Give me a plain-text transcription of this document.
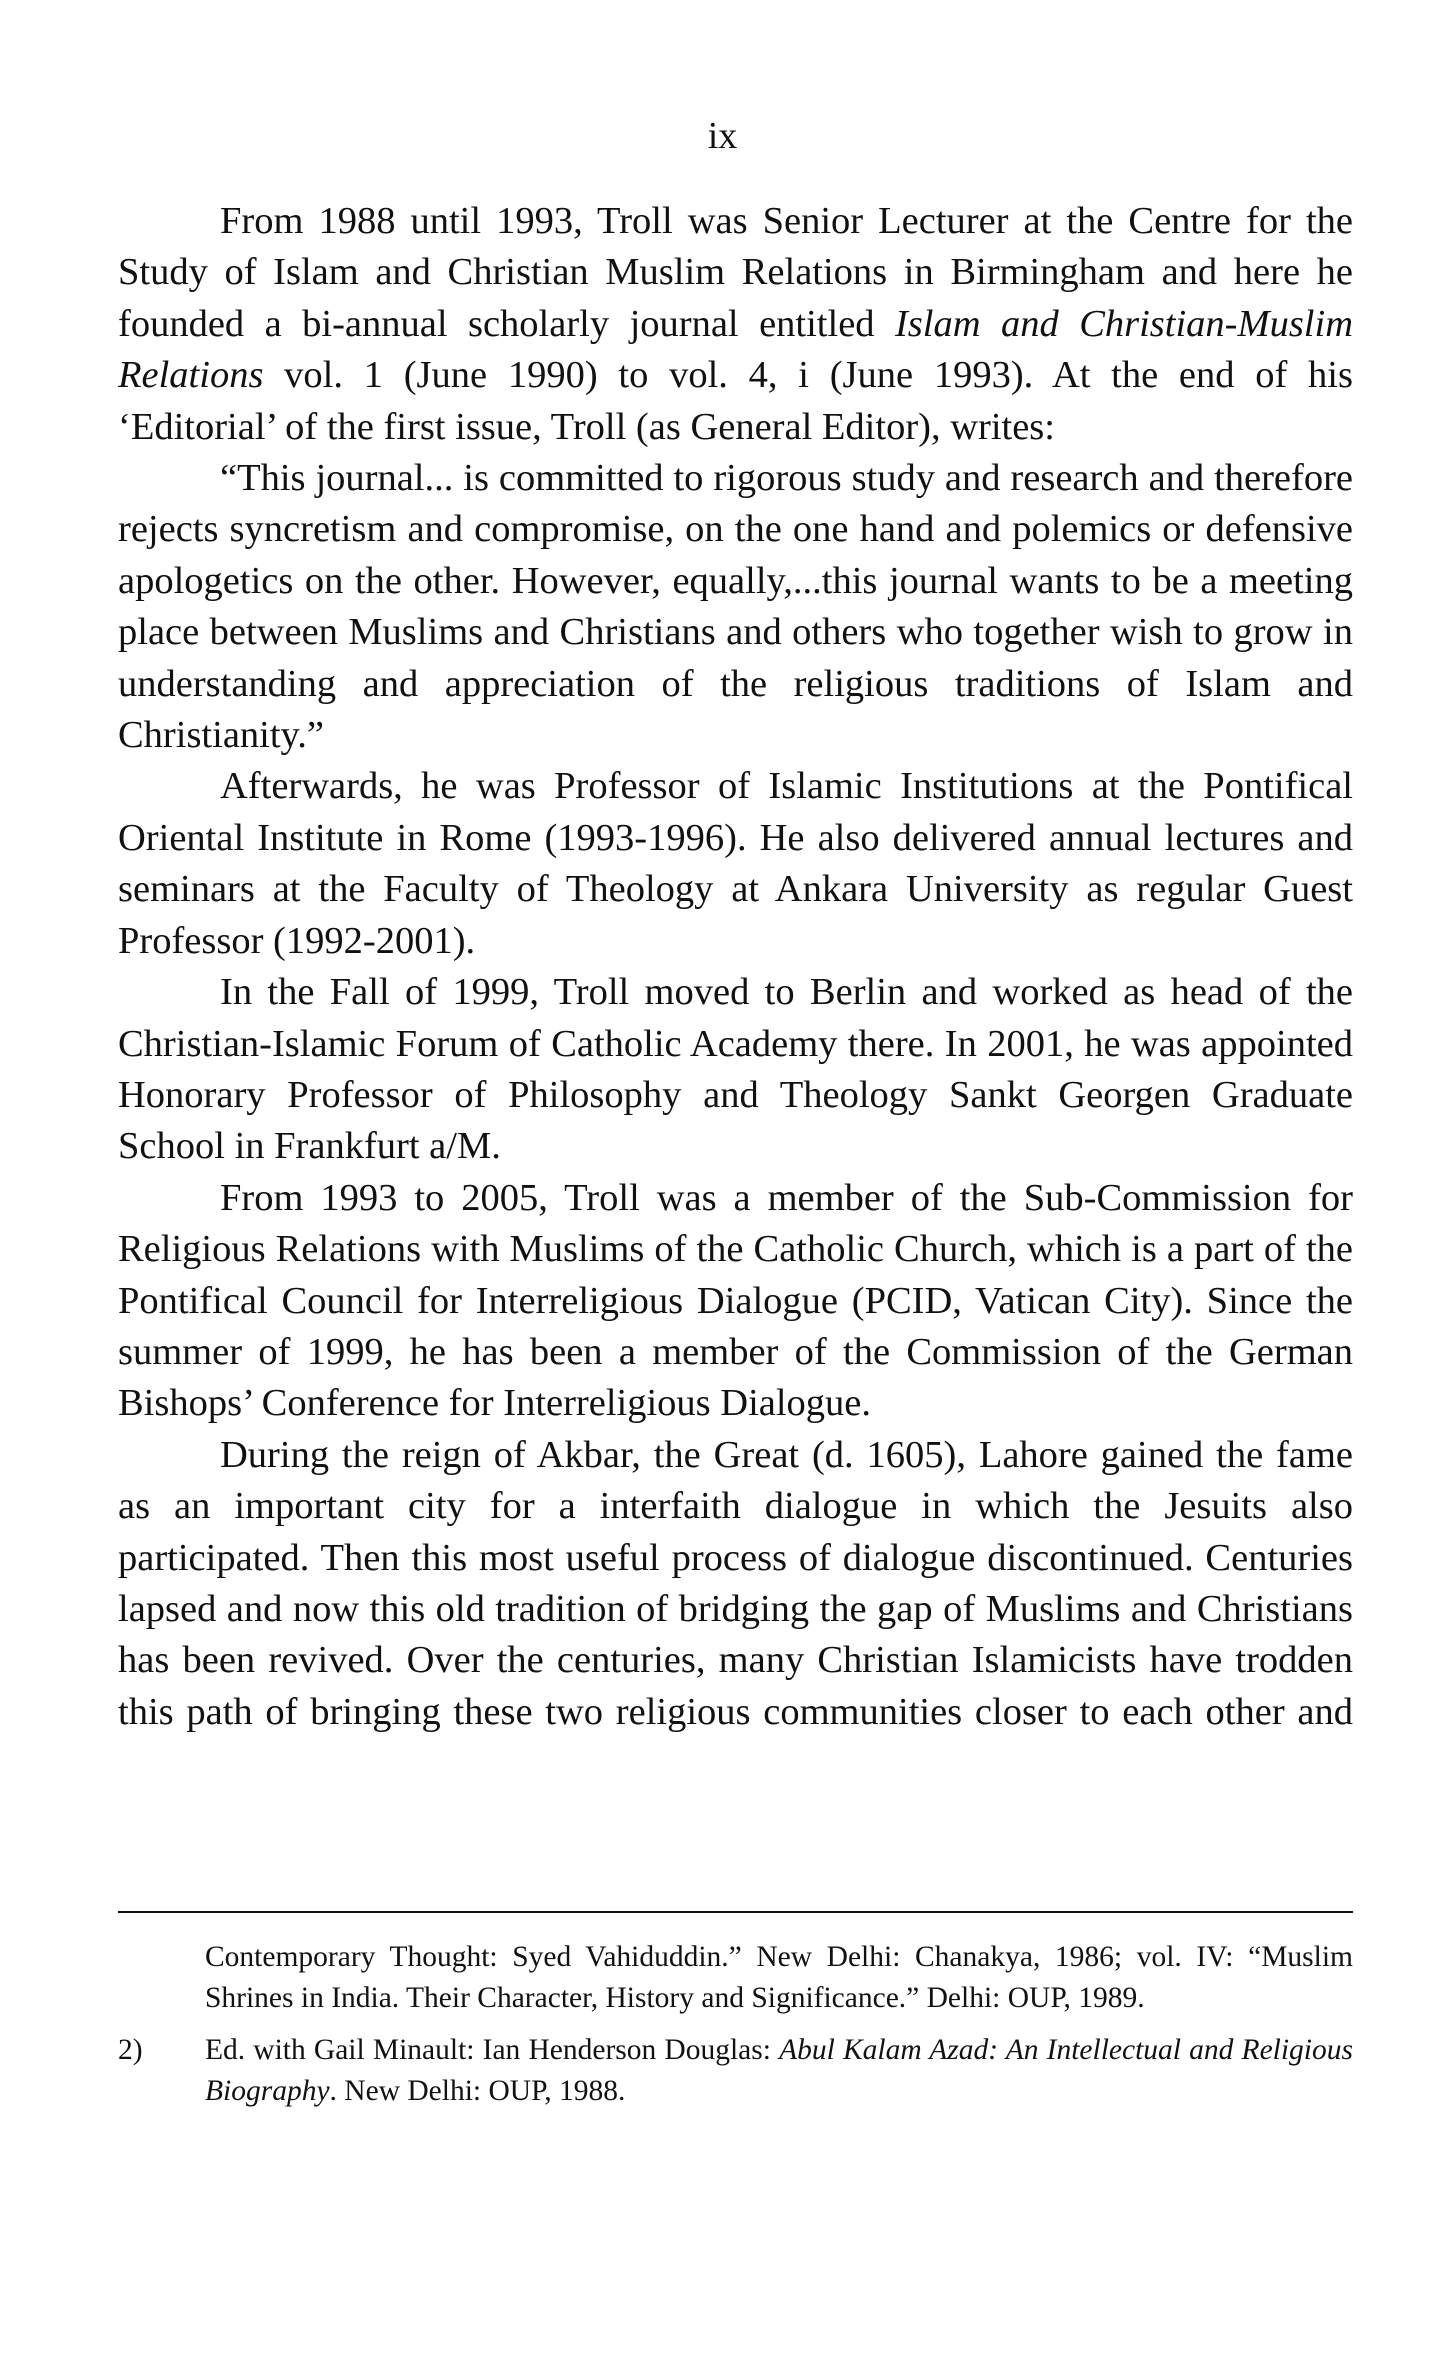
ix

From 1988 until 1993, Troll was Senior Lecturer at the Centre for the Study of Islam and Christian Muslim Relations in Birmingham and here he founded a bi-annual scholarly journal entitled Islam and Christian-Muslim Relations vol. 1 (June 1990) to vol. 4, i (June 1993). At the end of his ‘Editorial’ of the first issue, Troll (as General Editor), writes:

“This journal... is committed to rigorous study and research and therefore rejects syncretism and compromise, on the one hand and polemics or defensive apologetics on the other. However, equally,...this journal wants to be a meeting place between Muslims and Christians and others who together wish to grow in understanding and appreciation of the religious traditions of Islam and Christianity.”

Afterwards, he was Professor of Islamic Institutions at the Pontifical Oriental Institute in Rome (1993-1996). He also delivered annual lectures and seminars at the Faculty of Theology at Ankara University as regular Guest Professor (1992-2001).

In the Fall of 1999, Troll moved to Berlin and worked as head of the Christian-Islamic Forum of Catholic Academy there. In 2001, he was appointed Honorary Professor of Philosophy and Theology Sankt Georgen Graduate School in Frankfurt a/M.

From 1993 to 2005, Troll was a member of the Sub-Commission for Religious Relations with Muslims of the Catholic Church, which is a part of the Pontifical Council for Interreligious Dialogue (PCID, Vatican City). Since the summer of 1999, he has been a member of the Commission of the German Bishops’ Conference for Interreligious Dialogue.

During the reign of Akbar, the Great (d. 1605), Lahore gained the fame as an important city for a interfaith dialogue in which the Jesuits also participated. Then this most useful process of dialogue discontinued. Centuries lapsed and now this old tradition of bridging the gap of Muslims and Christians has been revived. Over the centuries, many Christian Islamicists have trodden this path of bringing these two religious communities closer to each other and

Contemporary Thought: Syed Vahiduddin.” New Delhi: Chanakya, 1986; vol. IV: “Muslim Shrines in India. Their Character, History and Significance.” Delhi: OUP, 1989.
2)	Ed. with Gail Minault: Ian Henderson Douglas: Abul Kalam Azad: An Intellectual and Religious Biography. New Delhi: OUP, 1988.
